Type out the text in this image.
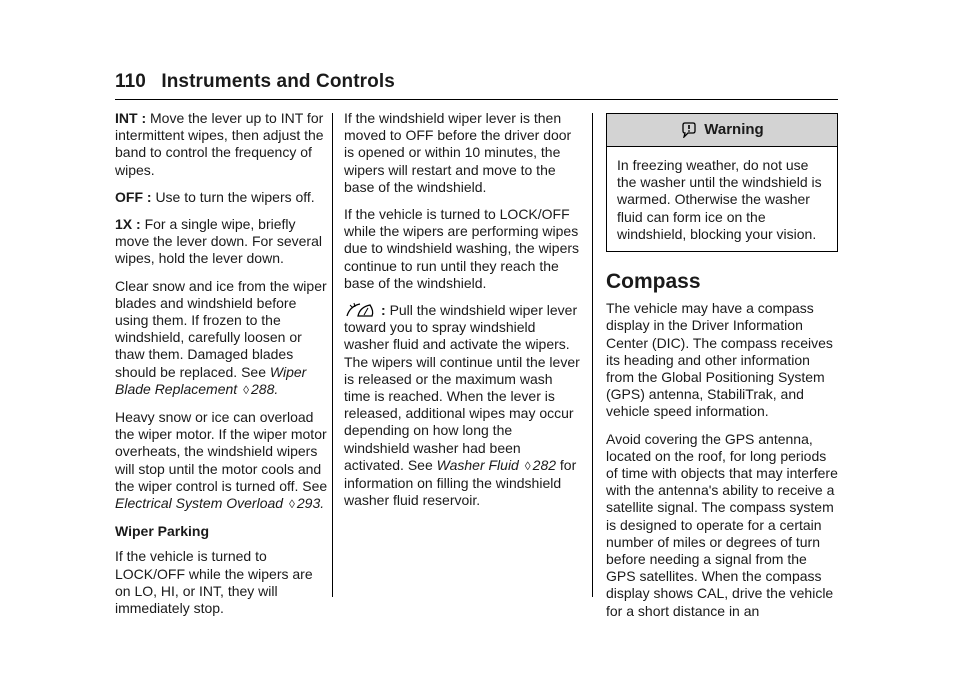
110 Instruments and Controls

INT : Move the lever up to INT for intermittent wipes, then adjust the band to control the frequency of wipes.

OFF : Use to turn the wipers off.

1X : For a single wipe, briefly move the lever down. For several wipes, hold the lever down.

Clear snow and ice from the wiper blades and windshield before using them. If frozen to the windshield, carefully loosen or thaw them. Damaged blades should be replaced. See Wiper Blade Replacement ◊ 288.

Heavy snow or ice can overload the wiper motor. If the wiper motor overheats, the windshield wipers will stop until the motor cools and the wiper control is turned off. See Electrical System Overload ◊ 293.

Wiper Parking

If the vehicle is turned to LOCK/OFF while the wipers are on LO, HI, or INT, they will immediately stop.

If the windshield wiper lever is then moved to OFF before the driver door is opened or within 10 minutes, the wipers will restart and move to the base of the windshield.

If the vehicle is turned to LOCK/OFF while the wipers are performing wipes due to windshield washing, the wipers continue to run until they reach the base of the windshield.

: Pull the windshield wiper lever toward you to spray windshield washer fluid and activate the wipers. The wipers will continue until the lever is released or the maximum wash time is reached. When the lever is released, additional wipes may occur depending on how long the windshield washer had been activated. See Washer Fluid ◊ 282 for information on filling the windshield washer fluid reservoir.

Warning
In freezing weather, do not use the washer until the windshield is warmed. Otherwise the washer fluid can form ice on the windshield, blocking your vision.
Compass

The vehicle may have a compass display in the Driver Information Center (DIC). The compass receives its heading and other information from the Global Positioning System (GPS) antenna, StabiliTrak, and vehicle speed information.

Avoid covering the GPS antenna, located on the roof, for long periods of time with objects that may interfere with the antenna's ability to receive a satellite signal. The compass system is designed to operate for a certain number of miles or degrees of turn before needing a signal from the GPS satellites. When the compass display shows CAL, drive the vehicle for a short distance in an
